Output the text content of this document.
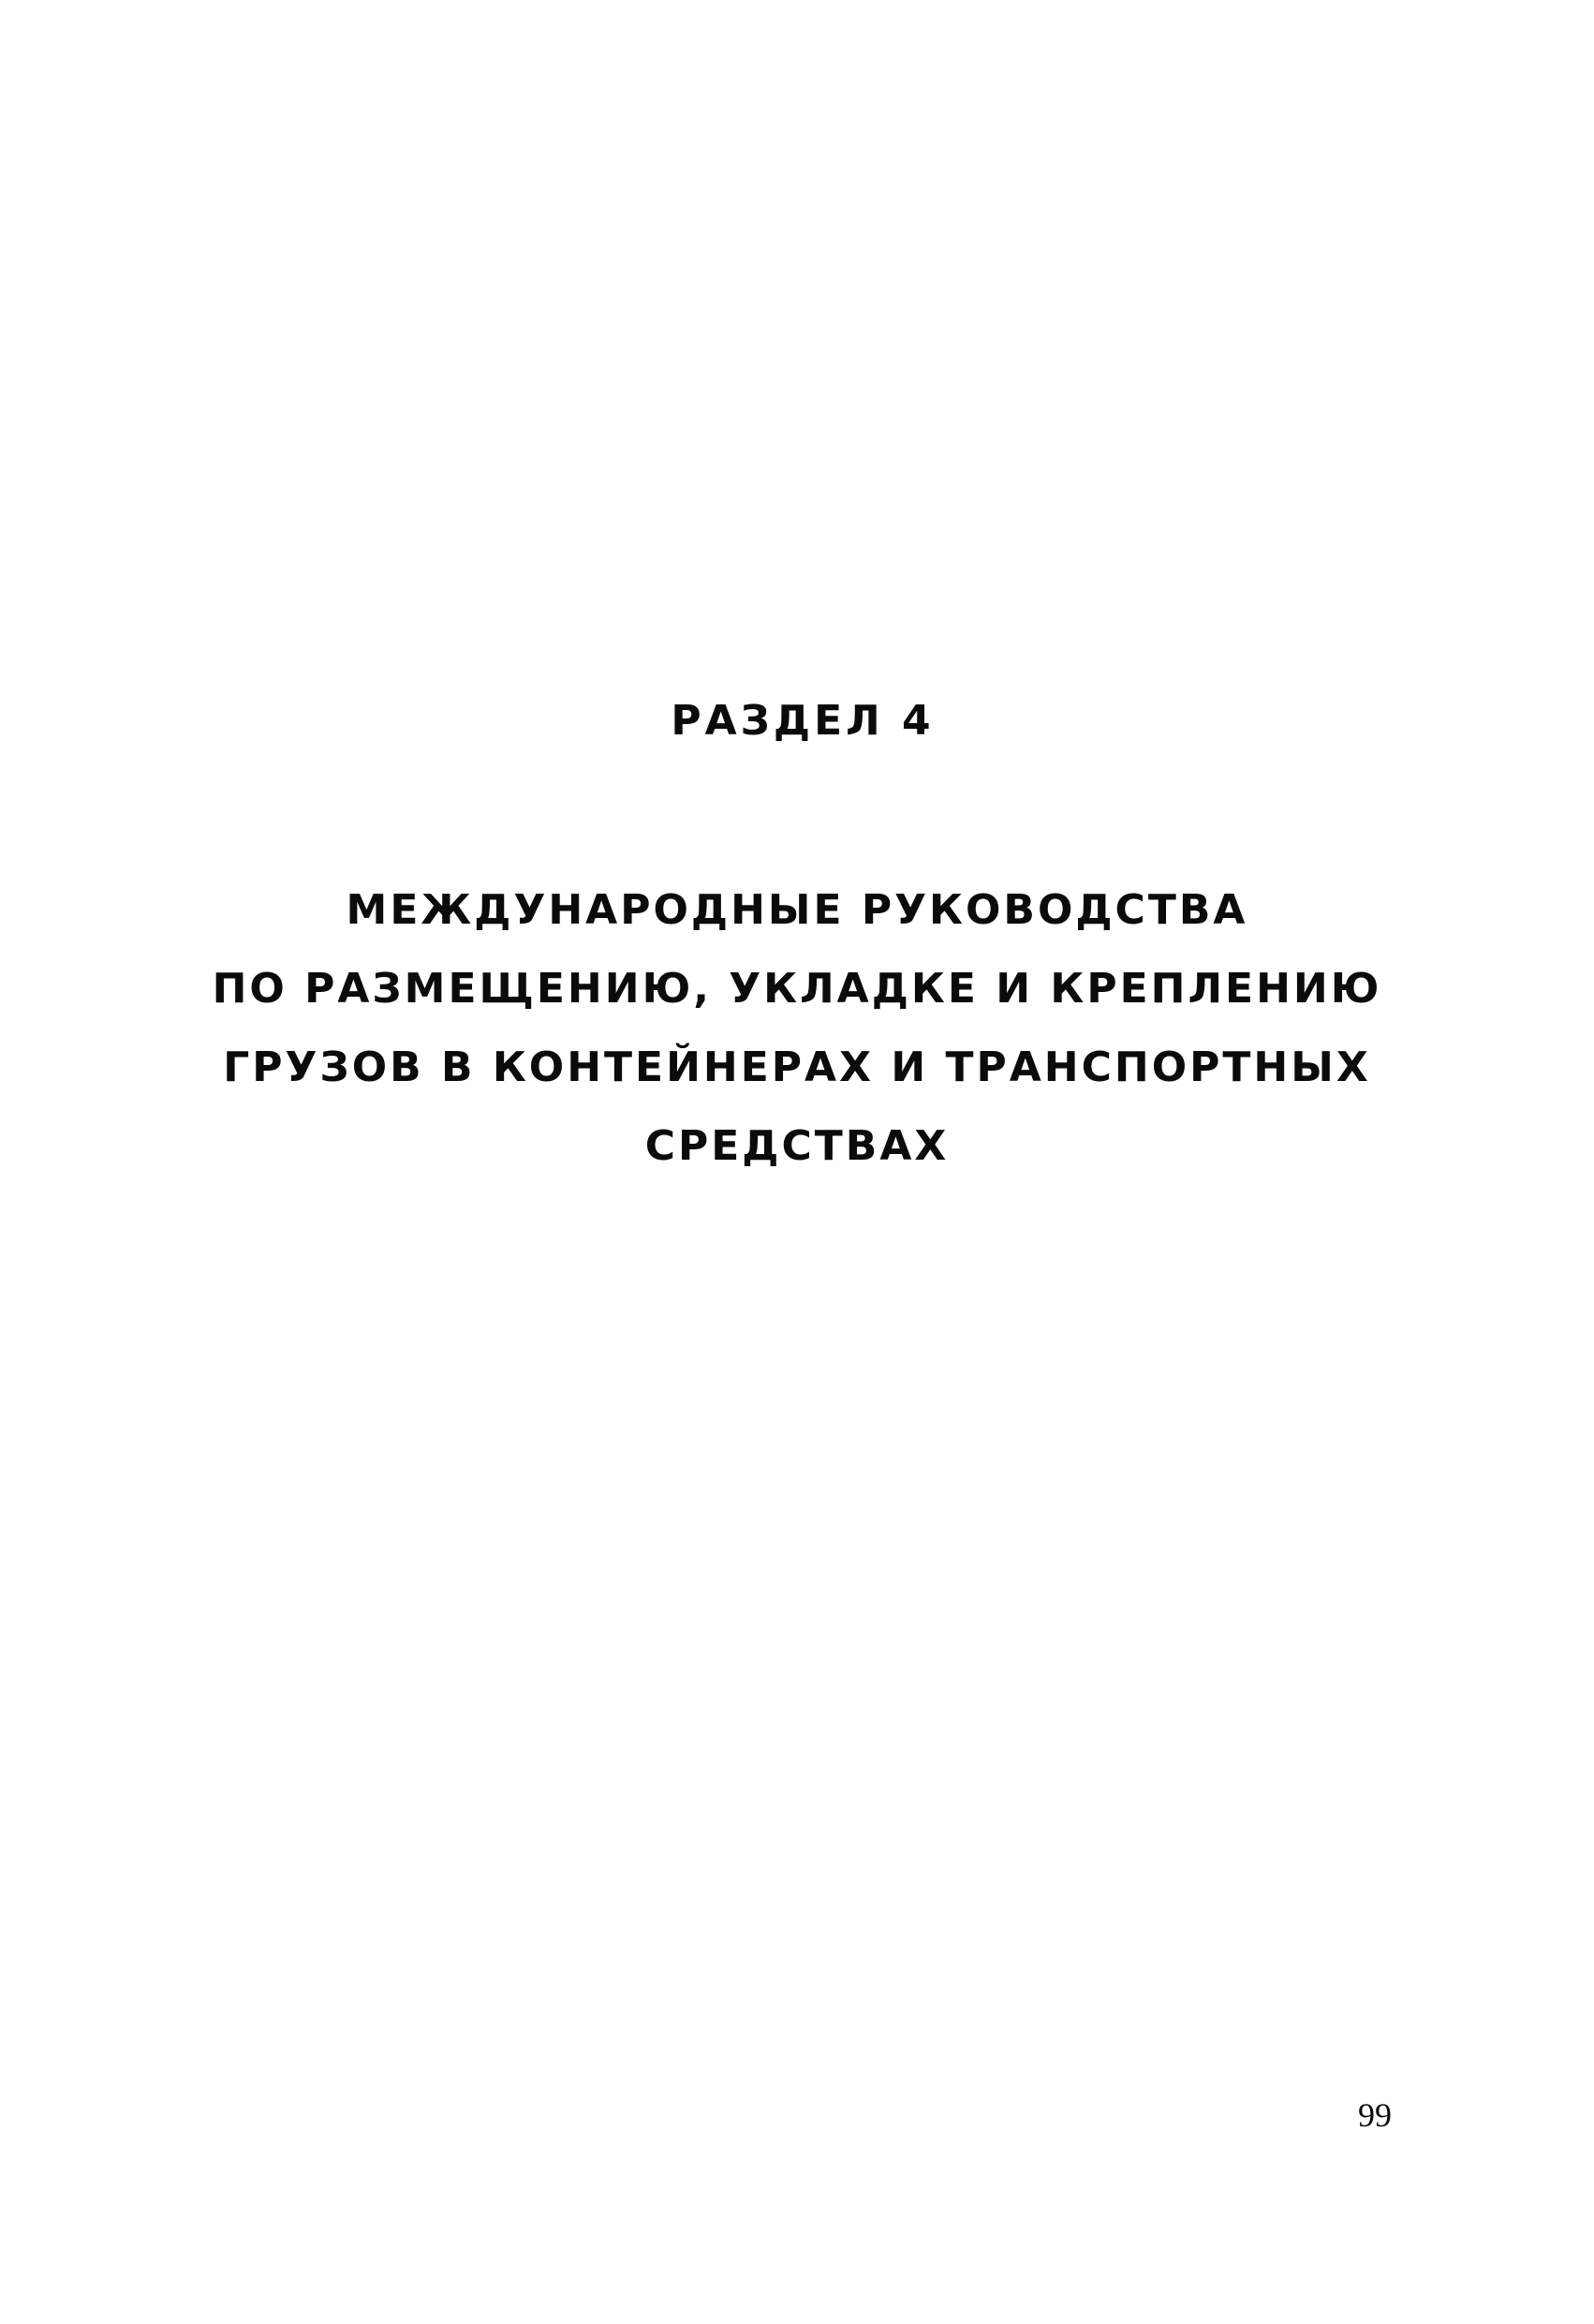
РАЗДЕЛ 4
МЕЖДУНАРОДНЫЕ РУКОВОДСТВА
ПО РАЗМЕЩЕНИЮ, УКЛАДКЕ И КРЕПЛЕНИЮ
ГРУЗОВ В КОНТЕЙНЕРАХ И ТРАНСПОРТНЫХ
СРЕДСТВАХ
99
